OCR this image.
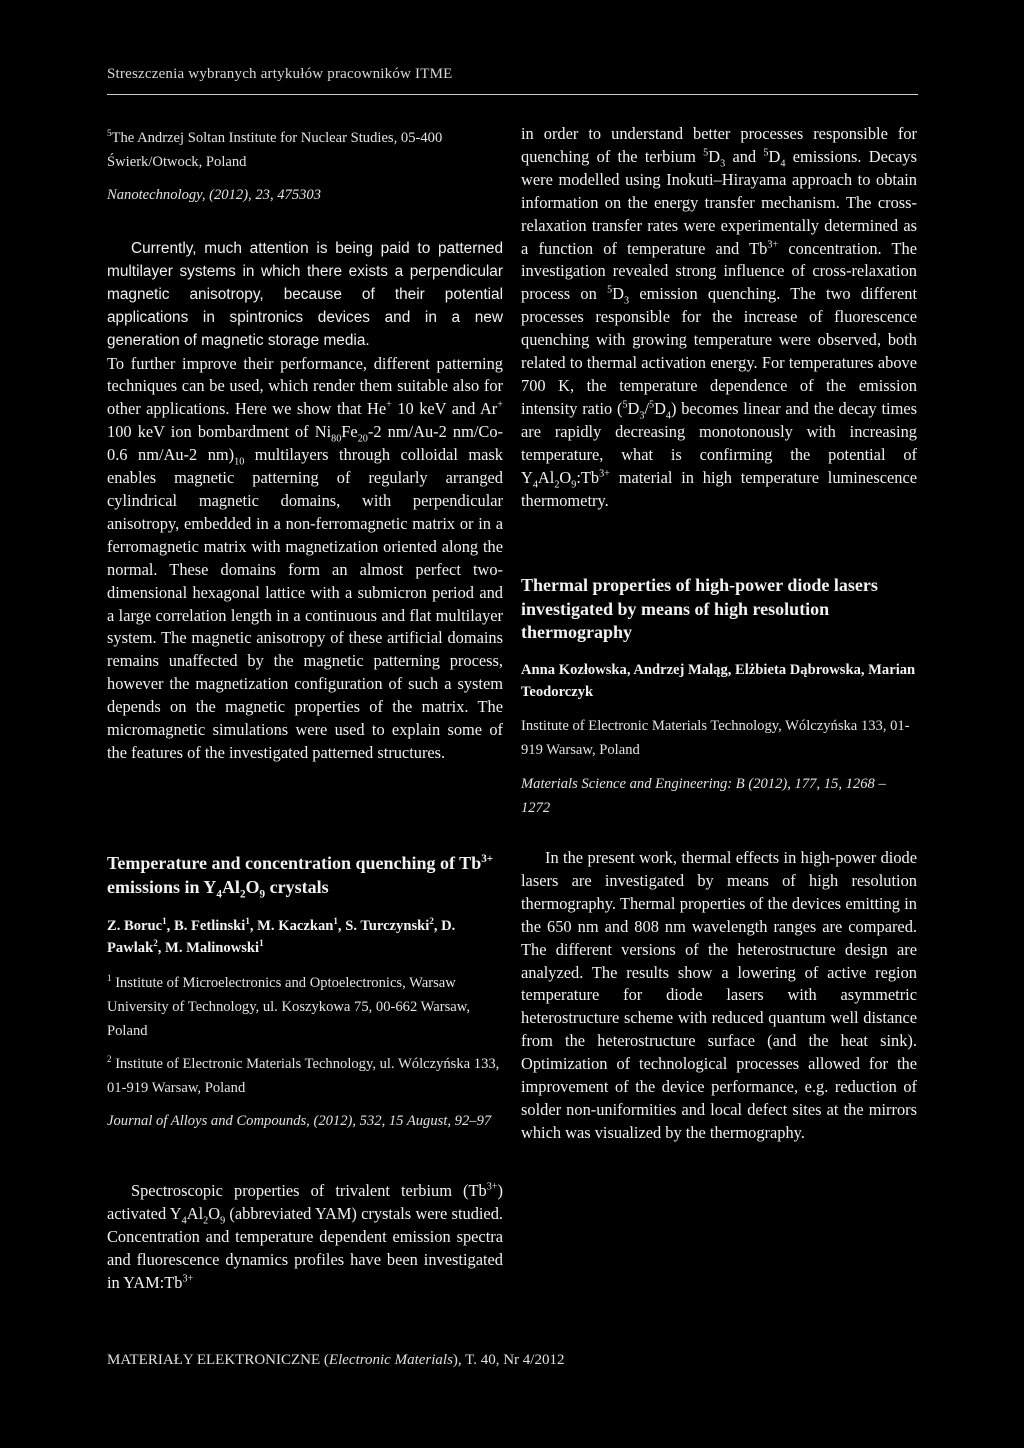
Streszczenia wybranych artykułów pracowników ITME

$^5$The Andrzej Soltan Institute for Nuclear Studies, 05-400 Świerk/Otwock, Poland

Nanotechnology, (2012), 23, 475303

Currently, much attention is being paid to patterned multilayer systems in which there exists a perpendicular magnetic anisotropy, because of their potential applications in spintronics devices and in a new generation of magnetic storage media.

To further improve their performance, different patterning techniques can be used, which render them suitable also for other applications. Here we show that He+ 10 keV and Ar+ 100 keV ion bombardment of $Ni_{80}Fe_{20}-2$ nm/Au-2 nm/Co-0.6 nm/Au-2 $nm)_{10}$ multilayers through colloidal mask enables magnetic patterning of regularly arranged cylindrical magnetic domains, with perpendicular anisotropy, embedded in a non-ferromagnetic matrix or in a ferromagnetic matrix with magnetization oriented along the normal. These domains form an almost perfect two-dimensional hexagonal lattice with a submicron period and a large correlation length in a continuous and flat multilayer system. The magnetic anisotropy of these artificial domains remains unaffected by the magnetic patterning process, however the magnetization configuration of such a system depends on the magnetic properties of the matrix. The micromagnetic simulations were used to explain some of the features of the investigated patterned structures.

Temperature and concentration quenching of $Tb^{3+}$ emissions in $Y_4Al_2O_9$ crystals

Z. Boruc$^1$, B. Fetlinski$^1$, M. Kaczkan$^1$, S. Turczynski$^2$, D. Pawlak$^2$, M. Malinowski$^1$

$^1$ Institute of Microelectronics and Optoelectronics, Warsaw University of Technology, ul. Koszykowa 75, 00-662 Warsaw, Poland

$^2$ Institute of Electronic Materials Technology, ul. Wólczyńska 133, 01-919 Warsaw, Poland

Journal of Alloys and Compounds, (2012), 532, 15 August, 92–97

Spectroscopic properties of trivalent terbium $(Tb^{3+})$ activated $Y_4Al_2O_9$ (abbreviated YAM) crystals were studied. Concentration and temperature dependent emission spectra and fluorescence dynamics profiles have been investigated in $YAM:Tb^{3+}$

in order to understand better processes responsible for quenching of the terbium $^5D_3$ and $^5D_4$ emissions. Decays were modelled using Inokuti–Hirayama approach to obtain information on the energy transfer mechanism. The cross-relaxation transfer rates were experimentally determined as a function of temperature and $Tb^{3+}$ concentration. The investigation revealed strong influence of cross-relaxation process on $^5D_3$ emission quenching. The two different processes responsible for the increase of fluorescence quenching with growing temperature were observed, both related to thermal activation energy. For temperatures above 700 K, the temperature dependence of the emission intensity ratio $(^5D_3/^5D_4)$ becomes linear and the decay times are rapidly decreasing monotonously with increasing temperature, what is confirming the potential of $Y_4Al_2O_9:Tb^{3+}$ material in high temperature luminescence thermometry.

Thermal properties of high-power diode lasers investigated by means of high resolution thermography

Anna Kozłowska, Andrzej Maląg, Elżbieta Dąbrowska, Marian Teodorczyk

Institute of Electronic Materials Technology, Wólczyńska 133, 01-919 Warsaw, Poland

Materials Science and Engineering: B (2012), 177, 15, 1268 – 1272

In the present work, thermal effects in high-power diode lasers are investigated by means of high resolution thermography. Thermal properties of the devices emitting in the 650 nm and 808 nm wavelength ranges are compared. The different versions of the heterostructure design are analyzed. The results show a lowering of active region temperature for diode lasers with asymmetric heterostructure scheme with reduced quantum well distance from the heterostructure surface (and the heat sink). Optimization of technological processes allowed for the improvement of the device performance, e.g. reduction of solder non-uniformities and local defect sites at the mirrors which was visualized by the thermography.

MATERIAŁY ELEKTRONICZNE (Electronic Materials), T. 40, Nr 4/2012
